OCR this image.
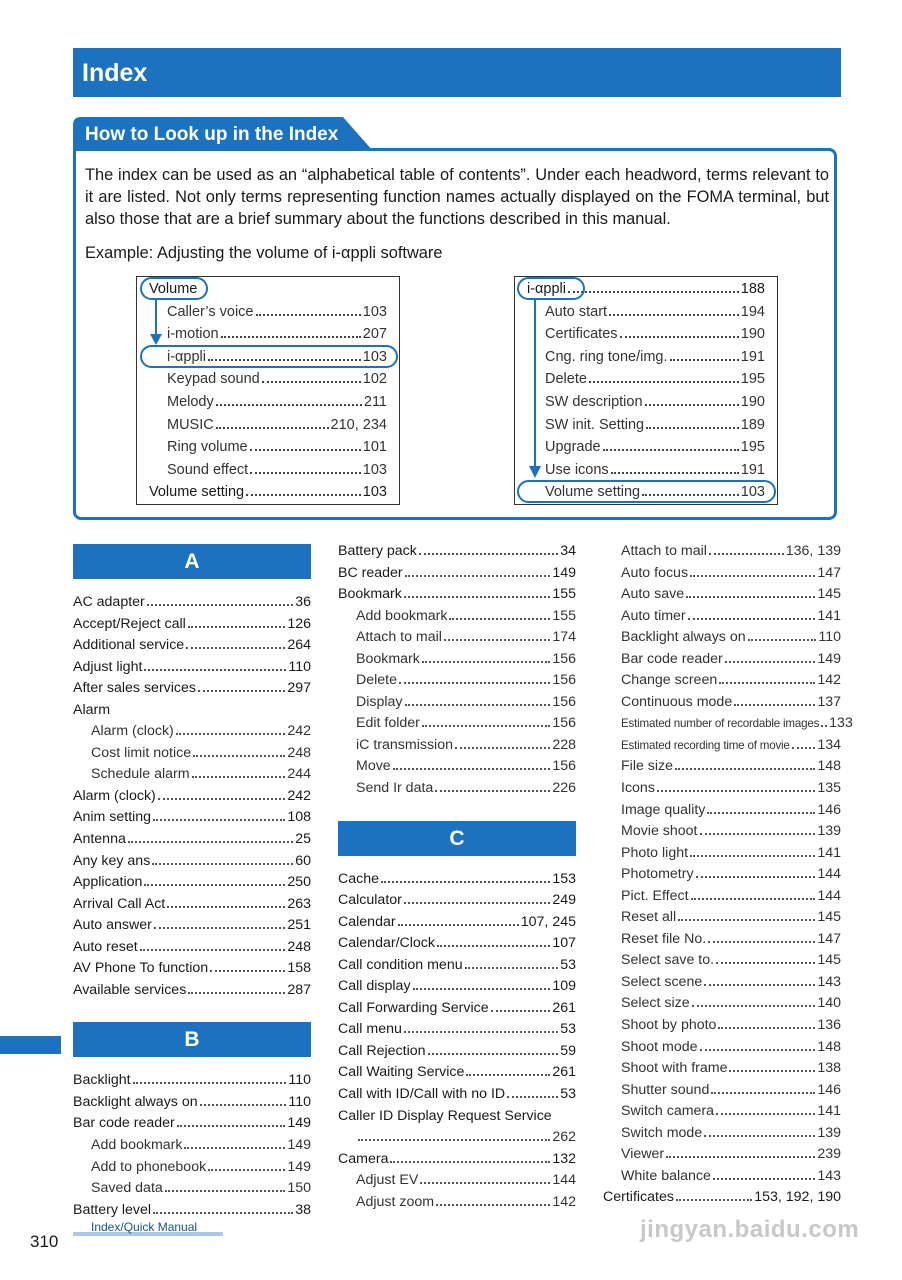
Index
How to Look up in the Index

The index can be used as an “alphabetical table of contents”. Under each headword, terms relevant to it are listed. Not only terms representing function names actually displayed on the FOMA terminal, but also those that are a brief summary about the functions described in this manual.

Example: Adjusting the volume of i-αppli software
Volume
Caller’s voice	103
i-motion	207
i-αppli	103
Keypad sound	102
Melody	211
MUSIC	210, 234
Ring volume	101
Sound effect	103
Volume setting	103
i-αppli	188
Auto start	194
Certificates	190
Cng. ring tone/img.	191
Delete	195
SW description	190
SW init. Setting	189
Upgrade	195
Use icons	191
Volume setting	103
A
AC adapter	36
Accept/Reject call	126
Additional service	264
Adjust light	110
After sales services	297
Alarm
Alarm (clock)	242
Cost limit notice	248
Schedule alarm	244
Alarm (clock)	242
Anim setting	108
Antenna	25
Any key ans	60
Application	250
Arrival Call Act	263
Auto answer	251
Auto reset	248
AV Phone To function	158
Available services	287
B
Backlight	110
Backlight always on	110
Bar code reader	149
Add bookmark	149
Add to phonebook	149
Saved data	150
Battery level	38
Battery pack	34
BC reader	149
Bookmark	155
Add bookmark	155
Attach to mail	174
Bookmark	156
Delete	156
Display	156
Edit folder	156
iC transmission	228
Move	156
Send Ir data	226
C
Cache	153
Calculator	249
Calendar	107, 245
Calendar/Clock	107
Call condition menu	53
Call display	109
Call Forwarding Service	261
Call menu	53
Call Rejection	59
Call Waiting Service	261
Call with ID/Call with no ID	53
Caller ID Display Request Service
262
Camera	132
Adjust EV	144
Adjust zoom	142
Attach to mail	136, 139
Auto focus	147
Auto save	145
Auto timer	141
Backlight always on	110
Bar code reader	149
Change screen	142
Continuous mode	137
Estimated number of recordable images 133
Estimated recording time of movie 134
File size	148
Icons	135
Image quality	146
Movie shoot	139
Photo light	141
Photometry	144
Pict. Effect	144
Reset all	145
Reset file No.	147
Select save to.	145
Select scene	143
Select size	140
Shoot by photo	136
Shoot mode	148
Shoot with frame	138
Shutter sound	146
Switch camera	141
Switch mode	139
Viewer	239
White balance	143
Certificates	153, 192, 190
310
Index/Quick Manual	jingyan.baidu.com
